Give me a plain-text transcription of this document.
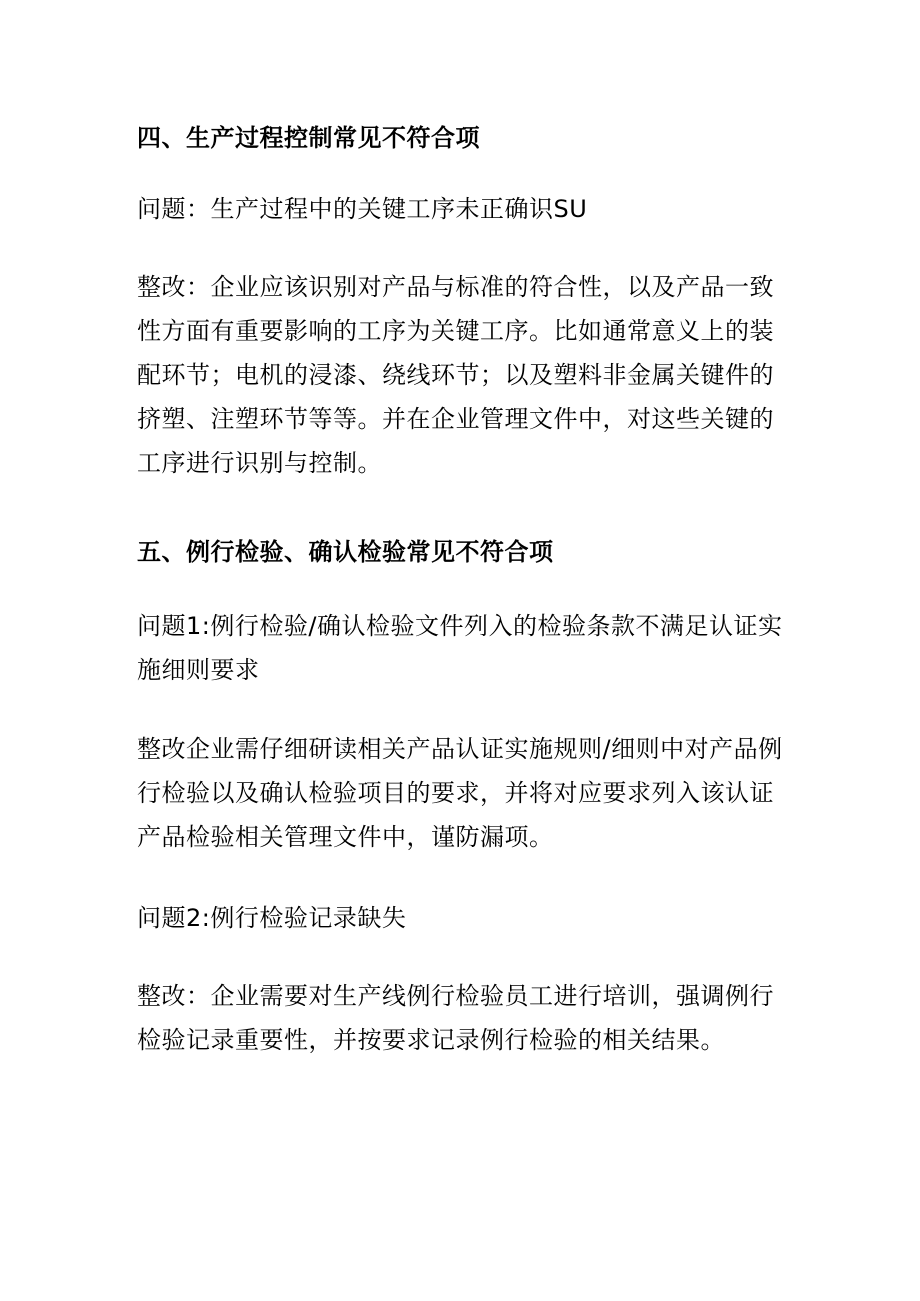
四、生产过程控制常见不符合项

问题：生产过程中的关键工序未正确识SU

整改：企业应该识别对产品与标准的符合性，以及产品一致性方面有重要影响的工序为关键工序。比如通常意义上的装配环节；电机的浸漆、绕线环节；以及塑料非金属关键件的挤塑、注塑环节等等。并在企业管理文件中，对这些关键的工序进行识别与控制。

五、例行检验、确认检验常见不符合项

问题1:例行检验/确认检验文件列入的检验条款不满足认证实施细则要求

整改企业需仔细研读相关产品认证实施规则/细则中对产品例行检验以及确认检验项目的要求，并将对应要求列入该认证产品检验相关管理文件中，谨防漏项。

问题2:例行检验记录缺失

整改：企业需要对生产线例行检验员工进行培训，强调例行检验记录重要性，并按要求记录例行检验的相关结果。
